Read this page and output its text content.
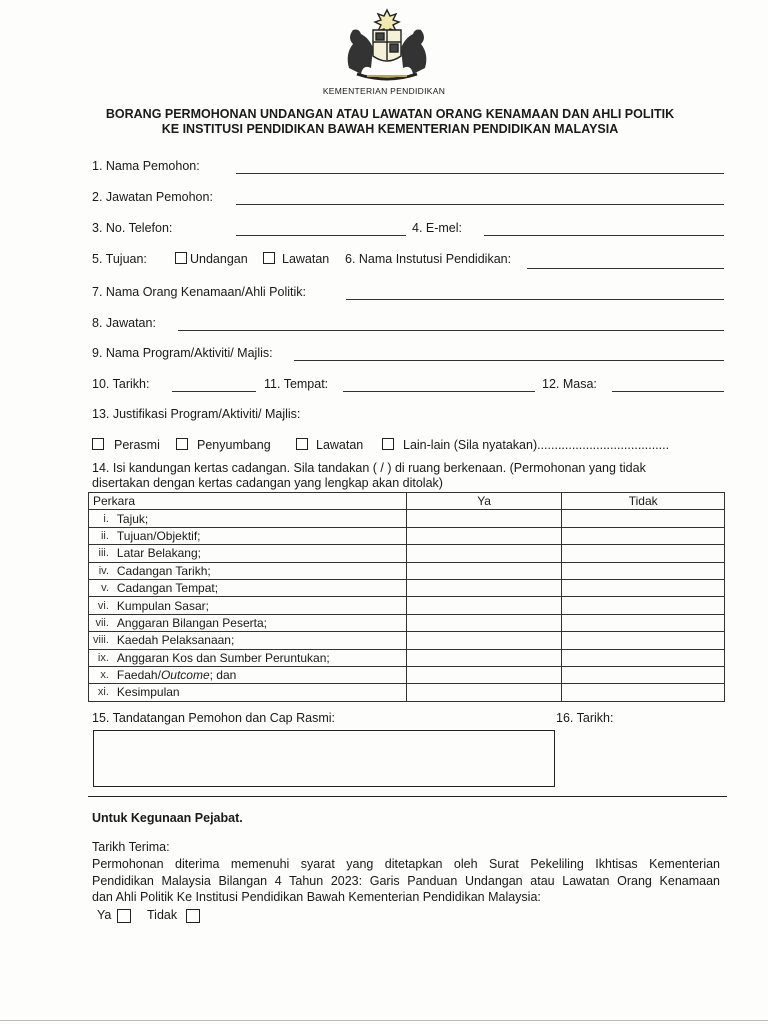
KEMENTERIAN PENDIDIKAN
BORANG PERMOHONAN UNDANGAN ATAU LAWATAN ORANG KENAMAAN DAN AHLI POLITIK
KE INSTITUSI PENDIDIKAN BAWAH KEMENTERIAN PENDIDIKAN MALAYSIA
1. Nama Pemohon:
2. Jawatan Pemohon:
3. No. Telefon:	4. E-mel:
5. Tujuan:	Undangan	Lawatan 6. Nama Instutusi Pendidikan:
7. Nama Orang Kenamaan/Ahli Politik:
8. Jawatan:
9. Nama Program/Aktiviti/ Majlis:
10. Tarikh:	11. Tempat:	12. Masa:
13. Justifikasi Program/Aktiviti/ Majlis:
Perasmi	Penyumbang	Lawatan	Lain-lain (Sila nyatakan)......................................
14. Isi kandungan kertas cadangan. Sila tandakan ( / ) di ruang berkenaan. (Permohonan yang tidak
disertakan dengan kertas cadangan yang lengkap akan ditolak)
Perkara		Ya	Tidak
i.	Tajuk;		
ii.	Tujuan/Objektif;		
iii.	Latar Belakang;		
iv.	Cadangan Tarikh;		
v.	Cadangan Tempat;		
vi.	Kumpulan Sasar;		
vii.	Anggaran Bilangan Peserta;		
viii.	Kaedah Pelaksanaan;		
ix.	Anggaran Kos dan Sumber Peruntukan;		
x.	Faedah/Outcome; dan		
xi.	Kesimpulan		
15. Tandatangan Pemohon dan Cap Rasmi:	16. Tarikh:
Untuk Kegunaan Pejabat.
Tarikh Terima:
Permohonan diterima memenuhi syarat yang ditetapkan oleh Surat Pekeliling Ikhtisas Kementerian
Pendidikan Malaysia Bilangan 4 Tahun 2023: Garis Panduan Undangan atau Lawatan Orang Kenamaan
dan Ahli Politik Ke Institusi Pendidikan Bawah Kementerian Pendidikan Malaysia:
Ya	Tidak
